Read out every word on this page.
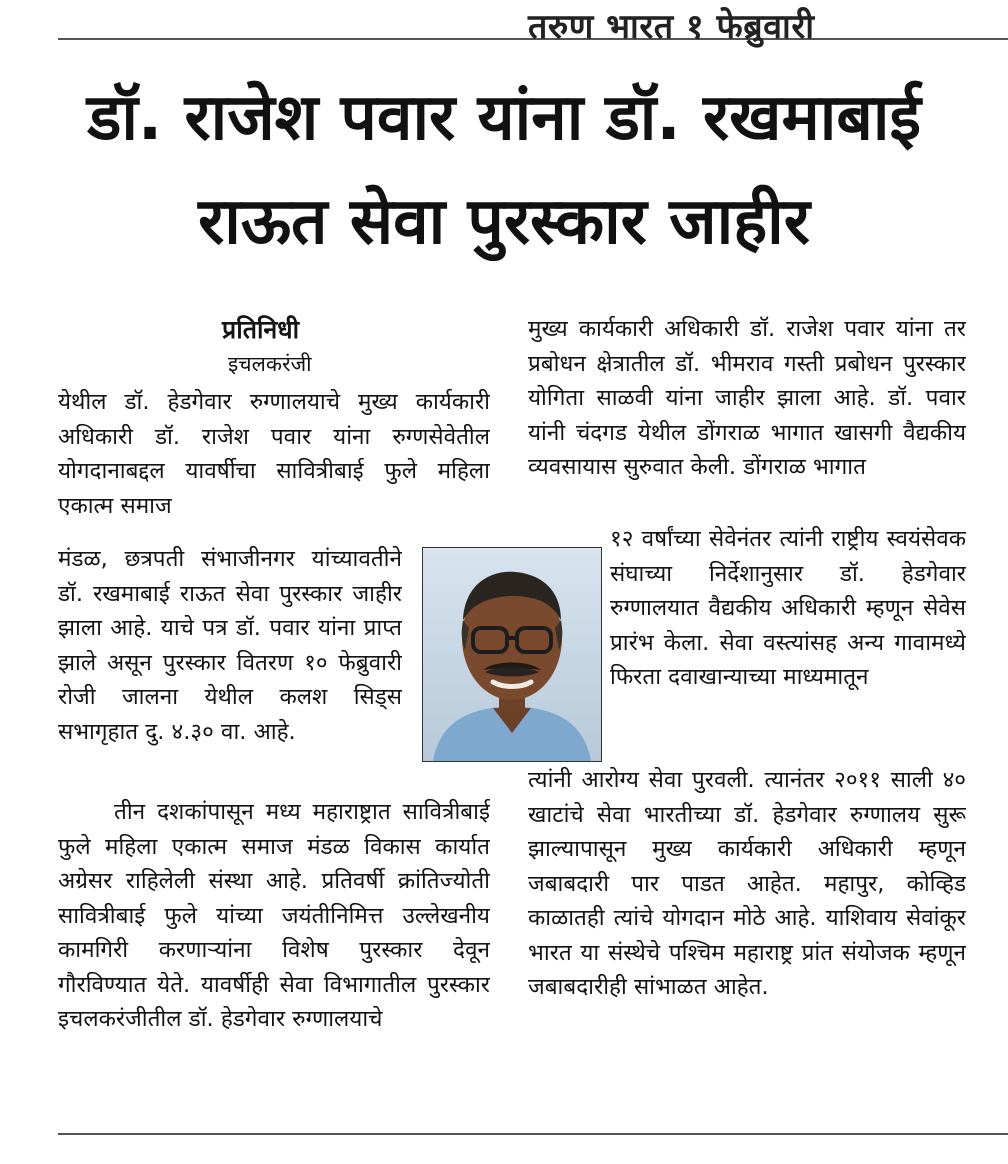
तरुण भारत १ फेब्रुवारी
डॉ. राजेश पवार यांना डॉ. रखमाबाई
राऊत सेवा पुरस्कार जाहीर
प्रतिनिधी
इचलकरंजी

येथील डॉ. हेडगेवार रुग्णालयाचे मुख्य कार्यकारी अधिकारी डॉ. राजेश पवार यांना रुग्णसेवेतील योगदानाबद्दल यावर्षीचा सावित्रीबाई फुले महिला एकात्म समाज

मंडळ, छत्रपती संभाजीनगर यांच्यावतीने डॉ. रखमाबाई राऊत सेवा पुरस्कार जाहीर झाला आहे. याचे पत्र डॉ. पवार यांना प्राप्त झाले असून पुरस्कार वितरण १० फेब्रुवारी रोजी जालना येथील कलश सिड्स सभागृहात दु. ४.३० वा. आहे.

तीन दशकांपासून मध्य महाराष्ट्रात सावित्रीबाई फुले महिला एकात्म समाज मंडळ विकास कार्यात अग्रेसर राहिलेली संस्था आहे. प्रतिवर्षी क्रांतिज्योती सावित्रीबाई फुले यांच्या जयंतीनिमित्त उल्लेखनीय कामगिरी करणाऱ्यांना विशेष पुरस्कार देवून गौरविण्यात येते. यावर्षीही सेवा विभागातील पुरस्कार इचलकरंजीतील डॉ. हेडगेवार रुग्णालयाचे

मुख्य कार्यकारी अधिकारी डॉ. राजेश पवार यांना तर प्रबोधन क्षेत्रातील डॉ. भीमराव गस्ती प्रबोधन पुरस्कार योगिता साळवी यांना जाहीर झाला आहे. डॉ. पवार यांनी चंदगड येथील डोंगराळ भागात खासगी वैद्यकीय व्यवसायास सुरुवात केली. डोंगराळ भागात

१२ वर्षांच्या सेवेनंतर त्यांनी राष्ट्रीय स्वयंसेवक संघाच्या निर्देशानुसार डॉ. हेडगेवार रुग्णालयात वैद्यकीय अधिकारी म्हणून सेवेस प्रारंभ केला. सेवा वस्त्यांसह अन्य गावामध्ये फिरता दवाखान्याच्या माध्यमातून

त्यांनी आरोग्य सेवा पुरवली. त्यानंतर २०११ साली ४० खाटांचे सेवा भारतीच्या डॉ. हेडगेवार रुग्णालय सुरू झाल्यापासून मुख्य कार्यकारी अधिकारी म्हणून जबाबदारी पार पाडत आहेत. महापुर, कोव्हिड काळातही त्यांचे योगदान मोठे आहे. याशिवाय सेवांकूर भारत या संस्थेचे पश्चिम महाराष्ट्र प्रांत संयोजक म्हणून जबाबदारीही सांभाळत आहेत.
